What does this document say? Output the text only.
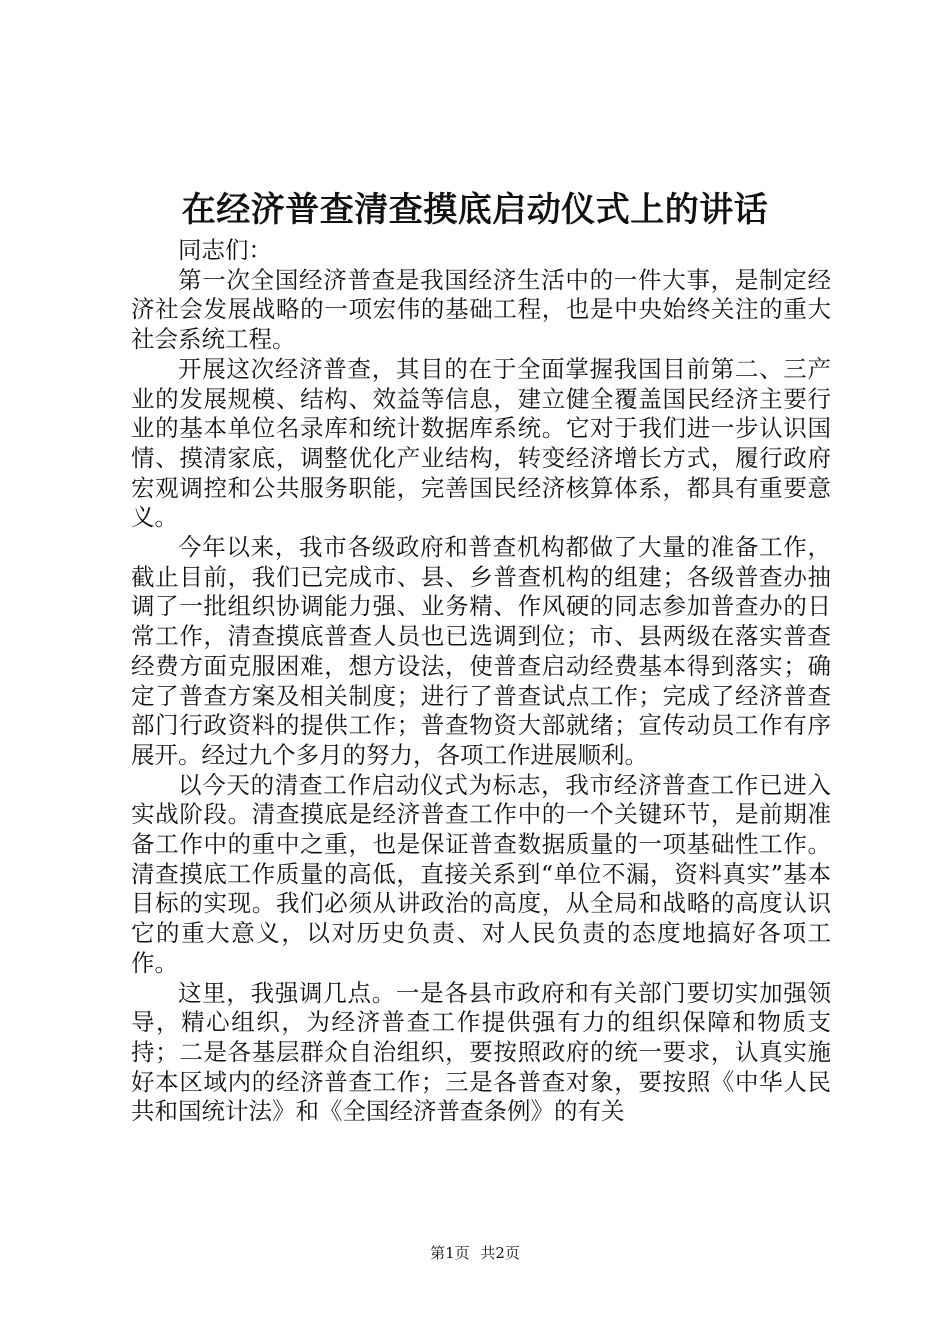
在经济普查清查摸底启动仪式上的讲话

同志们：

第一次全国经济普查是我国经济生活中的一件大事，是制定经济社会发展战略的一项宏伟的基础工程，也是中央始终关注的重大社会系统工程。

开展这次经济普查，其目的在于全面掌握我国目前第二、三产业的发展规模、结构、效益等信息，建立健全覆盖国民经济主要行业的基本单位名录库和统计数据库系统。它对于我们进一步认识国情、摸清家底，调整优化产业结构，转变经济增长方式，履行政府宏观调控和公共服务职能，完善国民经济核算体系，都具有重要意义。

今年以来，我市各级政府和普查机构都做了大量的准备工作，截止目前，我们已完成市、县、乡普查机构的组建；各级普查办抽调了一批组织协调能力强、业务精、作风硬的同志参加普查办的日常工作，清查摸底普查人员也已选调到位；市、县两级在落实普查经费方面克服困难，想方设法，使普查启动经费基本得到落实；确定了普查方案及相关制度；进行了普查试点工作；完成了经济普查部门行政资料的提供工作；普查物资大部就绪；宣传动员工作有序展开。经过九个多月的努力，各项工作进展顺利。

以今天的清查工作启动仪式为标志，我市经济普查工作已进入实战阶段。清查摸底是经济普查工作中的一个关键环节，是前期准备工作中的重中之重，也是保证普查数据质量的一项基础性工作。清查摸底工作质量的高低，直接关系到“单位不漏，资料真实”基本目标的实现。我们必须从讲政治的高度，从全局和战略的高度认识它的重大意义，以对历史负责、对人民负责的态度地搞好各项工作。

这里，我强调几点。一是各县市政府和有关部门要切实加强领导，精心组织，为经济普查工作提供强有力的组织保障和物质支持；二是各基层群众自治组织，要按照政府的统一要求，认真实施好本区域内的经济普查工作；三是各普查对象，要按照《中华人民共和国统计法》和《全国经济普查条例》的有关

第1页 共2页
